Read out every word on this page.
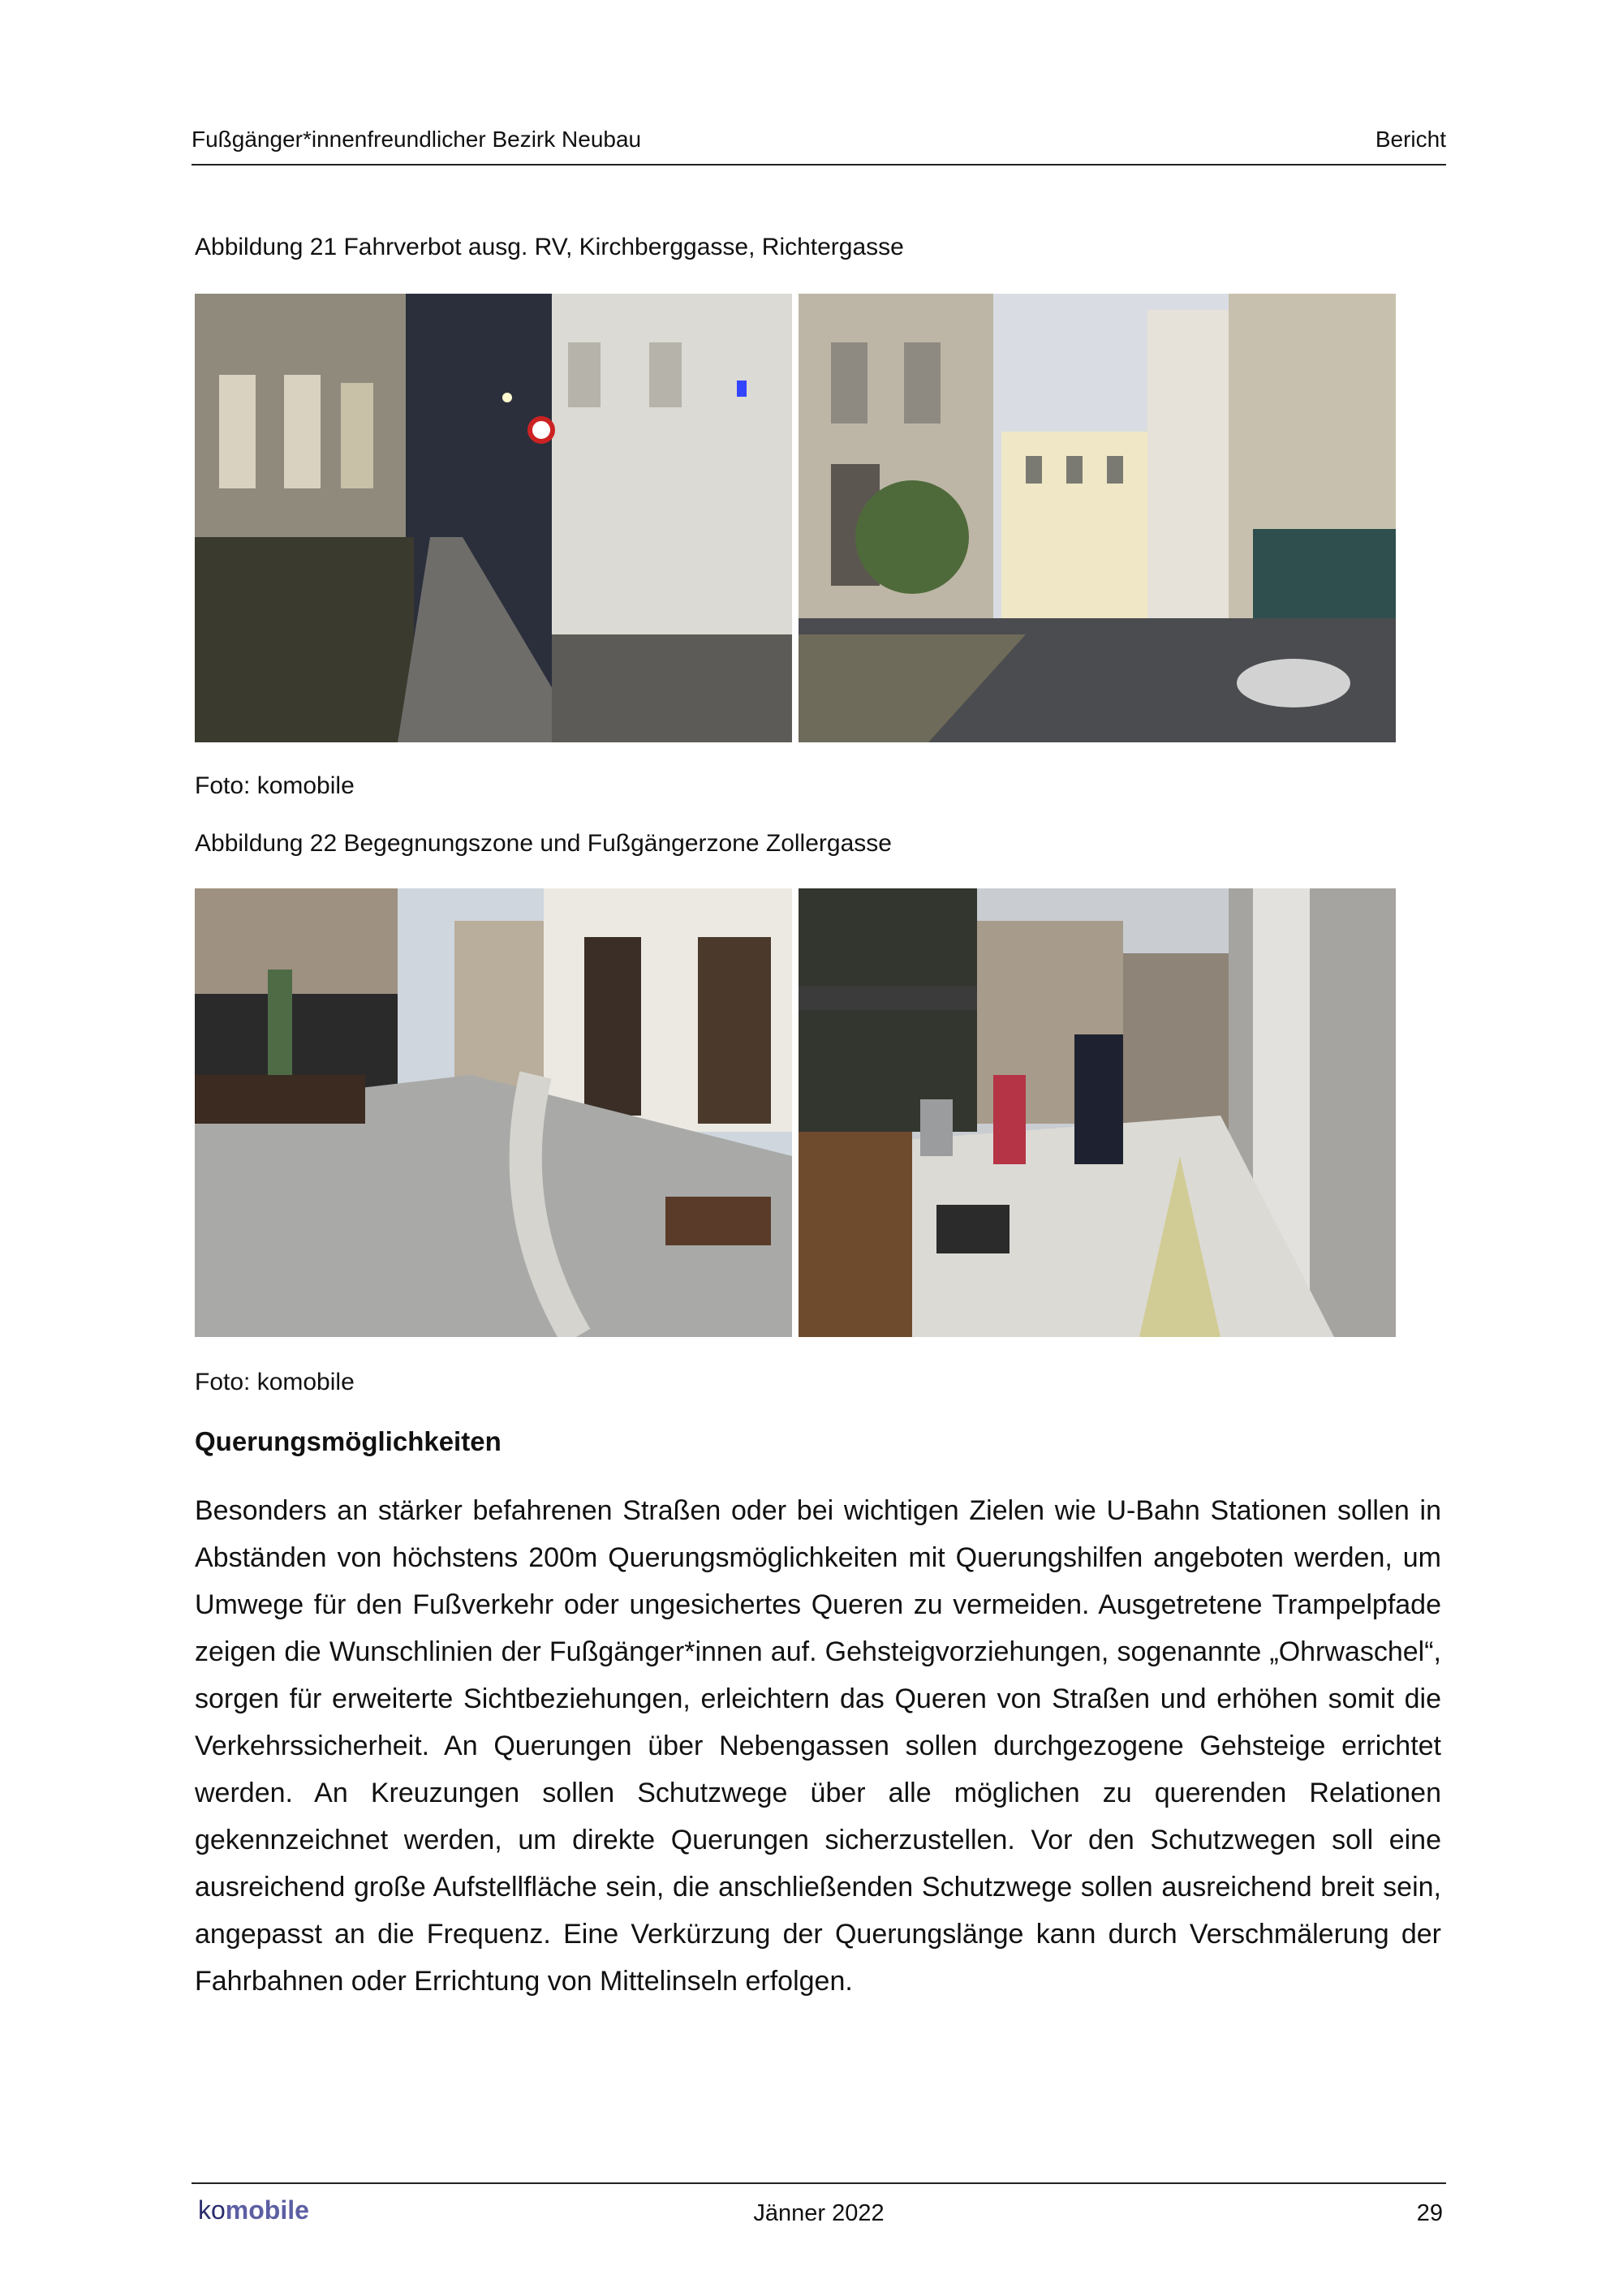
Fußgänger*innenfreundlicher Bezirk Neubau	Bericht
Abbildung 21 Fahrverbot ausg. RV, Kirchberggasse, Richtergasse
Foto: komobile
Abbildung 22 Begegnungszone und Fußgängerzone Zollergasse
Foto: komobile
Querungsmöglichkeiten

Besonders an stärker befahrenen Straßen oder bei wichtigen Zielen wie U-Bahn Stationen sollen in Abständen von höchstens 200m Querungsmöglichkeiten mit Querungshilfen angeboten werden, um Umwege für den Fußverkehr oder ungesichertes Queren zu vermeiden. Ausgetretene Trampelpfade zeigen die Wunschlinien der Fußgänger*innen auf. Gehsteigvorziehungen, sogenannte „Ohrwaschel“, sorgen für erweiterte Sichtbeziehungen, erleichtern das Queren von Straßen und erhöhen somit die Verkehrssicherheit. An Querungen über Nebengassen sollen durchgezogene Gehsteige errichtet werden. An Kreuzungen sollen Schutzwege über alle möglichen zu querenden Relationen gekennzeichnet werden, um direkte Querungen sicherzustellen. Vor den Schutzwegen soll eine ausreichend große Aufstellfläche sein, die anschließenden Schutzwege sollen ausreichend breit sein, angepasst an die Frequenz. Eine Verkürzung der Querungslänge kann durch Verschmälerung der Fahrbahnen oder Errichtung von Mittelinseln erfolgen.

komobile	Jänner 2022	29
